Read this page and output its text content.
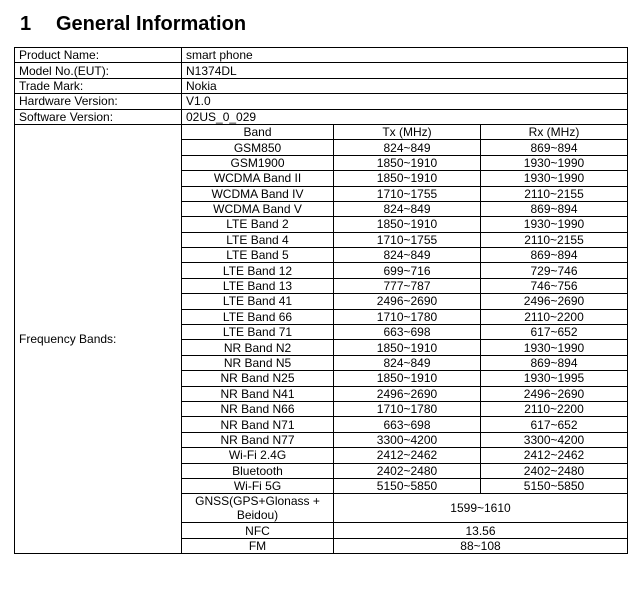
1 General Information
Product Name:	smart phone		
Model No.(EUT):	N1374DL		
Trade Mark:	Nokia		
Hardware Version:	V1.0		
Software Version:	02US_0_029		
Frequency Bands:	Band	Tx (MHz)	Rx (MHz)
	GSM850	824~849	869~894
	GSM1900	1850~1910	1930~1990
	WCDMA Band II	1850~1910	1930~1990
	WCDMA Band IV	1710~1755	2110~2155
	WCDMA Band V	824~849	869~894
	LTE Band 2	1850~1910	1930~1990
	LTE Band 4	1710~1755	2110~2155
	LTE Band 5	824~849	869~894
	LTE Band 12	699~716	729~746
	LTE Band 13	777~787	746~756
	LTE Band 41	2496~2690	2496~2690
	LTE Band 66	1710~1780	2110~2200
	LTE Band 71	663~698	617~652
	NR Band N2	1850~1910	1930~1990
	NR Band N5	824~849	869~894
	NR Band N25	1850~1910	1930~1995
	NR Band N41	2496~2690	2496~2690
	NR Band N66	1710~1780	2110~2200
	NR Band N71	663~698	617~652
	NR Band N77	3300~4200	3300~4200
	Wi-Fi 2.4G	2412~2462	2412~2462
	Bluetooth	2402~2480	2402~2480
	Wi-Fi 5G	5150~5850	5150~5850
	GNSS(GPS+Glonass + Beidou)	1599~1610	
	NFC	13.56	
	FM	88~108	
